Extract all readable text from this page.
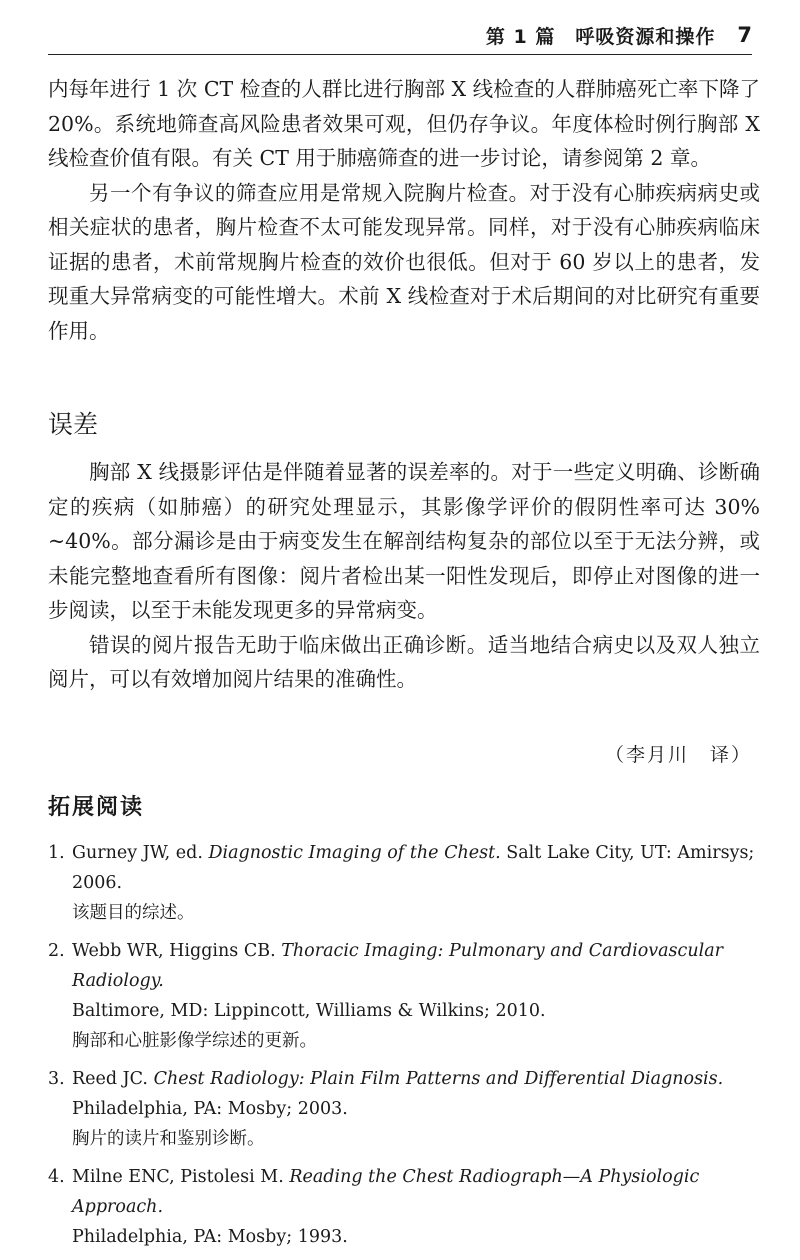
第 1 篇　呼吸资源和操作 7

内每年进行 1 次 CT 检查的人群比进行胸部 X 线检查的人群肺癌死亡率下降了 20%。系统地筛查高风险患者效果可观，但仍存争议。年度体检时例行胸部 X 线检查价值有限。有关 CT 用于肺癌筛查的进一步讨论，请参阅第 2 章。

另一个有争议的筛查应用是常规入院胸片检查。对于没有心肺疾病病史或相关症状的患者，胸片检查不太可能发现异常。同样，对于没有心肺疾病临床证据的患者，术前常规胸片检查的效价也很低。但对于 60 岁以上的患者，发现重大异常病变的可能性增大。术前 X 线检查对于术后期间的对比研究有重要作用。

误差

胸部 X 线摄影评估是伴随着显著的误差率的。对于一些定义明确、诊断确定的疾病（如肺癌）的研究处理显示，其影像学评价的假阴性率可达 30% ~40%。部分漏诊是由于病变发生在解剖结构复杂的部位以至于无法分辨，或未能完整地查看所有图像：阅片者检出某一阳性发现后，即停止对图像的进一步阅读，以至于未能发现更多的异常病变。

错误的阅片报告无助于临床做出正确诊断。适当地结合病史以及双人独立阅片，可以有效增加阅片结果的准确性。

（李月川　译）
拓展阅读
1. Gurney JW, ed. Diagnostic Imaging of the Chest. Salt Lake City, UT: Amirsys; 2006.
该题目的综述。
2. Webb WR, Higgins CB. Thoracic Imaging: Pulmonary and Cardiovascular Radiology.
Baltimore, MD: Lippincott, Williams & Wilkins; 2010.
胸部和心脏影像学综述的更新。
3. Reed JC. Chest Radiology: Plain Film Patterns and Differential Diagnosis. Philadelphia, PA: Mosby; 2003.
胸片的读片和鉴别诊断。
4. Milne ENC, Pistolesi M. Reading the Chest Radiograph—A Physiologic Approach.
Philadelphia, PA: Mosby; 1993.
